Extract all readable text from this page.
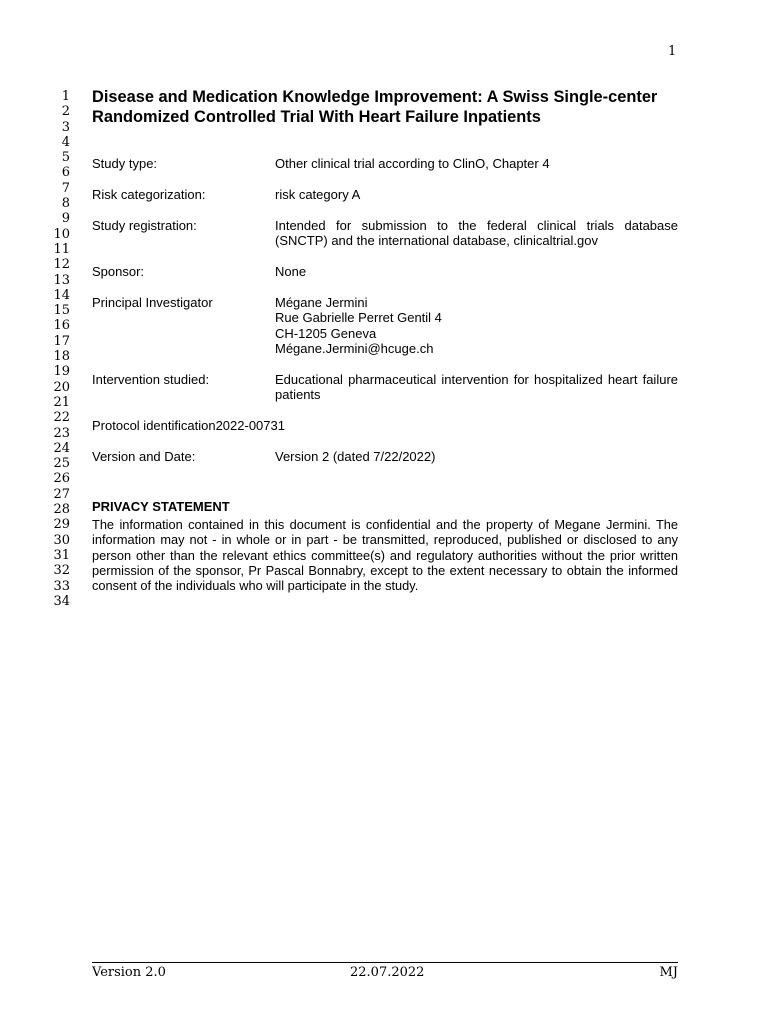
1
1
2
3
4
5
6
7
8
9
10
11
12
13
14
15
16
17
18
19
20
21
22
23
24
25
26
27
28
29
30
31
32
33
34
Disease and Medication Knowledge Improvement: A Swiss Single-center Randomized Controlled Trial With Heart Failure Inpatients
Study type:	Other clinical trial according to ClinO, Chapter 4
Risk categorization:	risk category A
Study registration:	Intended for submission to the federal clinical trials database (SNCTP) and the international database, clinicaltrial.gov
Sponsor:	None
Principal Investigator	Mégane Jermini
Rue Gabrielle Perret Gentil 4
CH-1205 Geneva
Mégane.Jermini@hcuge.ch
Intervention studied:	Educational pharmaceutical intervention for hospitalized heart failure patients
Protocol identification2022-00731
Version and Date:	Version 2 (dated 7/22/2022)
PRIVACY STATEMENT

The information contained in this document is confidential and the property of Megane Jermini. The information may not - in whole or in part - be transmitted, reproduced, published or disclosed to any person other than the relevant ethics committee(s) and regulatory authorities without the prior written permission of the sponsor, Pr Pascal Bonnabry, except to the extent necessary to obtain the informed consent of the individuals who will participate in the study.

Version 2.0	22.07.2022	MJ
